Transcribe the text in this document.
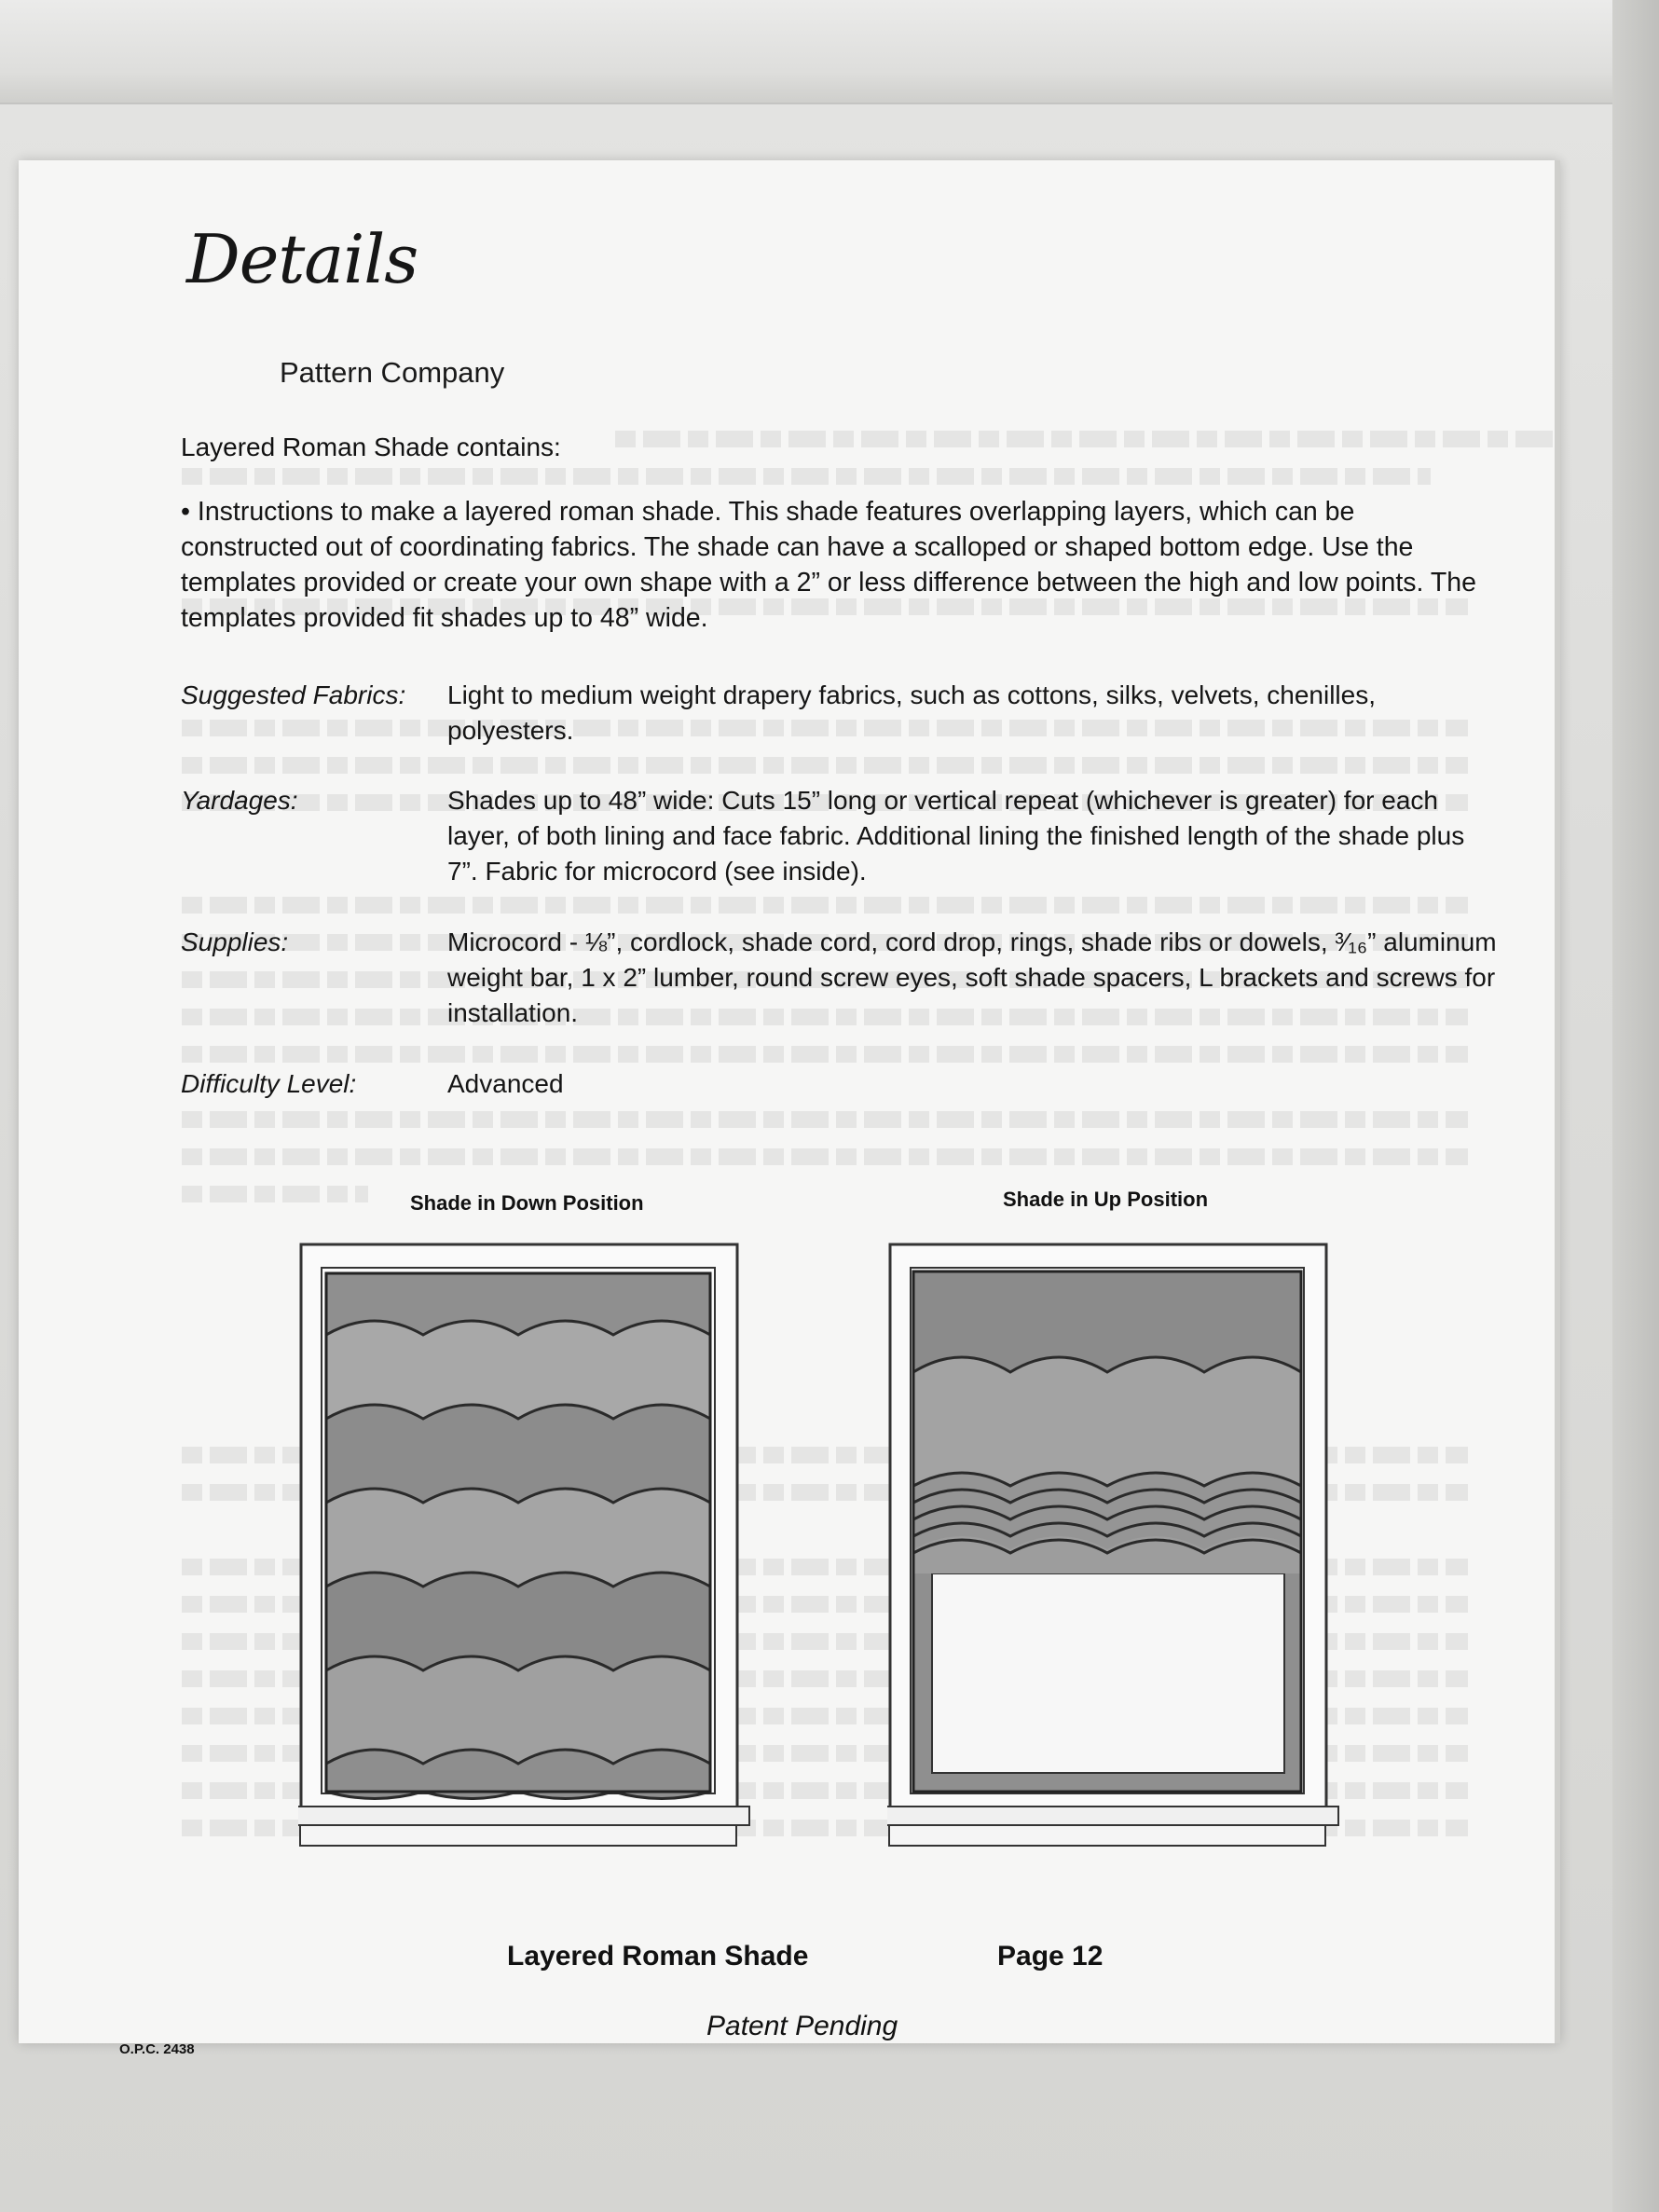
Details
Pattern Company
Layered Roman Shade contains:
• Instructions to make a layered roman shade. This shade features overlapping layers, which can be constructed out of coordinating fabrics. The shade can have a scalloped or shaped bottom edge. Use the templates provided or create your own shape with a 2” or less difference between the high and low points. The templates provided fit shades up to 48” wide.
Suggested Fabrics: Light to medium weight drapery fabrics, such as cottons, silks, velvets, chenilles, polyesters.
Yardages:	Shades up to 48” wide: Cuts 15” long or vertical repeat (whichever is greater) for each layer, of both lining and face fabric. Additional lining the finished length of the shade plus 7”. Fabric for microcord (see inside).
Supplies:	Microcord - ⅛”, cordlock, shade cord, cord drop, rings, shade ribs or dowels, ³⁄₁₆” aluminum weight bar, 1 x 2” lumber, round screw eyes, soft shade spacers, L brackets and screws for installation.
Difficulty Level:	Advanced
Shade in Down Position	Shade in Up Position
Layered Roman Shade	Page 12
Patent Pending
O.P.C. 2438
